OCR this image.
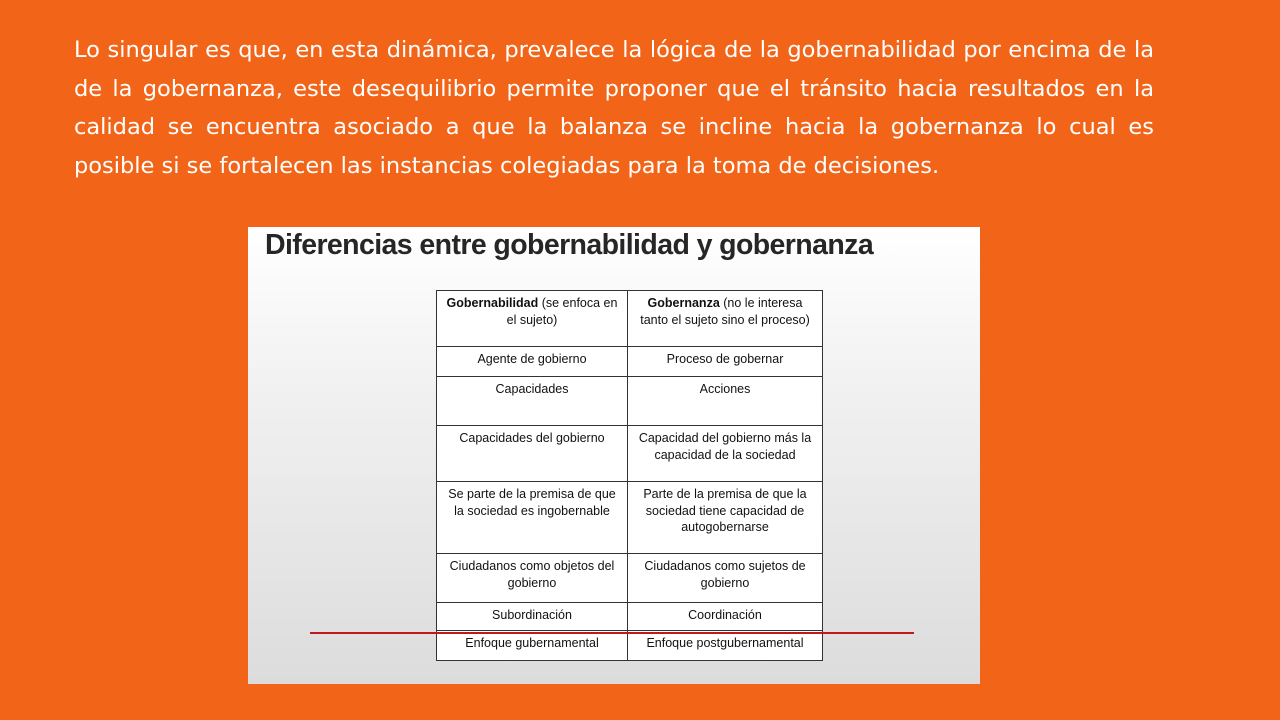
Lo singular es que, en esta dinámica, prevalece la lógica de la gobernabilidad por encima de la de la gobernanza, este desequilibrio permite proponer que el tránsito hacia resultados en la calidad se encuentra asociado a que la balanza se incline hacia la gobernanza lo cual es posible si se fortalecen las instancias colegiadas para la toma de decisiones.

Diferencias entre gobernabilidad y gobernanza
Gobernabilidad (se enfoca en el sujeto)	Gobernanza (no le interesa tanto el sujeto sino el proceso)
Agente de gobierno	Proceso de gobernar
Capacidades	Acciones
Capacidades del gobierno	Capacidad del gobierno más la capacidad de la sociedad
Se parte de la premisa de que la sociedad es ingobernable	Parte de la premisa de que la sociedad tiene capacidad de autogobernarse
Ciudadanos como objetos del gobierno	Ciudadanos como sujetos de gobierno
Subordinación	Coordinación
Enfoque gubernamental	Enfoque postgubernamental
